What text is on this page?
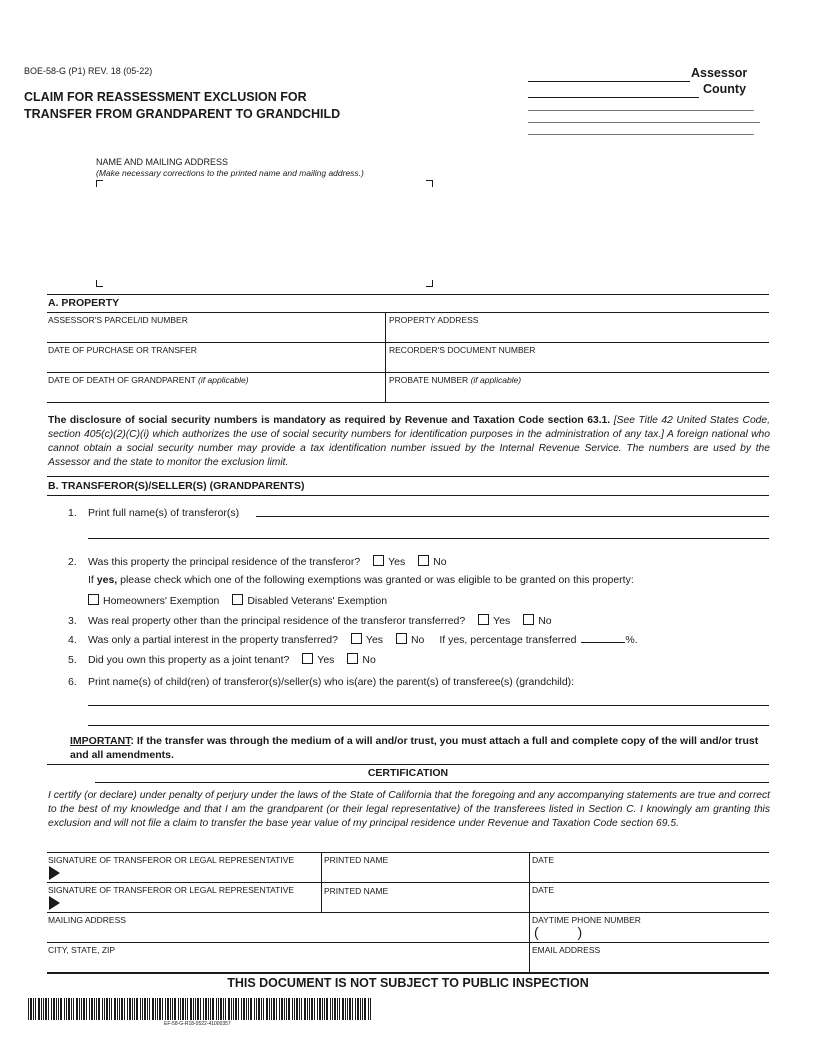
BOE-58-G (P1) REV. 18 (05-22)
CLAIM FOR REASSESSMENT EXCLUSION FOR
TRANSFER FROM GRANDPARENT TO GRANDCHILD
Assessor
County
NAME AND MAILING ADDRESS
(Make necessary corrections to the printed name and mailing address.)
A. PROPERTY
ASSESSOR'S PARCEL/ID NUMBER	PROPERTY ADDRESS
DATE OF PURCHASE OR TRANSFER	RECORDER'S DOCUMENT NUMBER
DATE OF DEATH OF GRANDPARENT (if applicable)	PROBATE NUMBER (if applicable)
The disclosure of social security numbers is mandatory as required by Revenue and Taxation Code section 63.1. [See Title 42 United States Code, section 405(c)(2)(C)(i) which authorizes the use of social security numbers for identification purposes in the administration of any tax.] A foreign national who cannot obtain a social security number may provide a tax identification number issued by the Internal Revenue Service. The numbers are used by the Assessor and the state to monitor the exclusion limit.
B. TRANSFEROR(S)/SELLER(S) (GRANDPARENTS)
1. Print full name(s) of transferor(s)
2. Was this property the principal residence of the transferor?	Yes	No
If yes, please check which one of the following exemptions was granted or was eligible to be granted on this property:
Homeowners' Exemption	Disabled Veterans' Exemption
3. Was real property other than the principal residence of the transferor transferred?	Yes	No
4. Was only a partial interest in the property transferred?	Yes	No If yes, percentage transferred	%.
5. Did you own this property as a joint tenant?	Yes	No
6. Print name(s) of child(ren) of transferor(s)/seller(s) who is(are) the parent(s) of transferee(s) (grandchild):
IMPORTANT: If the transfer was through the medium of a will and/or trust, you must attach a full and complete copy of the will and/or trust and all amendments.
CERTIFICATION
I certify (or declare) under penalty of perjury under the laws of the State of California that the foregoing and any accompanying statements are true and correct to the best of my knowledge and that I am the grandparent (or their legal representative) of the transferees listed in Section C. I knowingly am granting this exclusion and will not file a claim to transfer the base year value of my principal residence under Revenue and Taxation Code section 69.5.
SIGNATURE OF TRANSFEROR OR LEGAL REPRESENTATIVE	PRINTED NAME	DATE
SIGNATURE OF TRANSFEROR OR LEGAL REPRESENTATIVE	PRINTED NAME	DATE
MAILING ADDRESS	DAYTIME PHONE NUMBER
(          )
CITY, STATE, ZIP	EMAIL ADDRESS
THIS DOCUMENT IS NOT SUBJECT TO PUBLIC INSPECTION
EF-58-G-R18-0522-41000357
